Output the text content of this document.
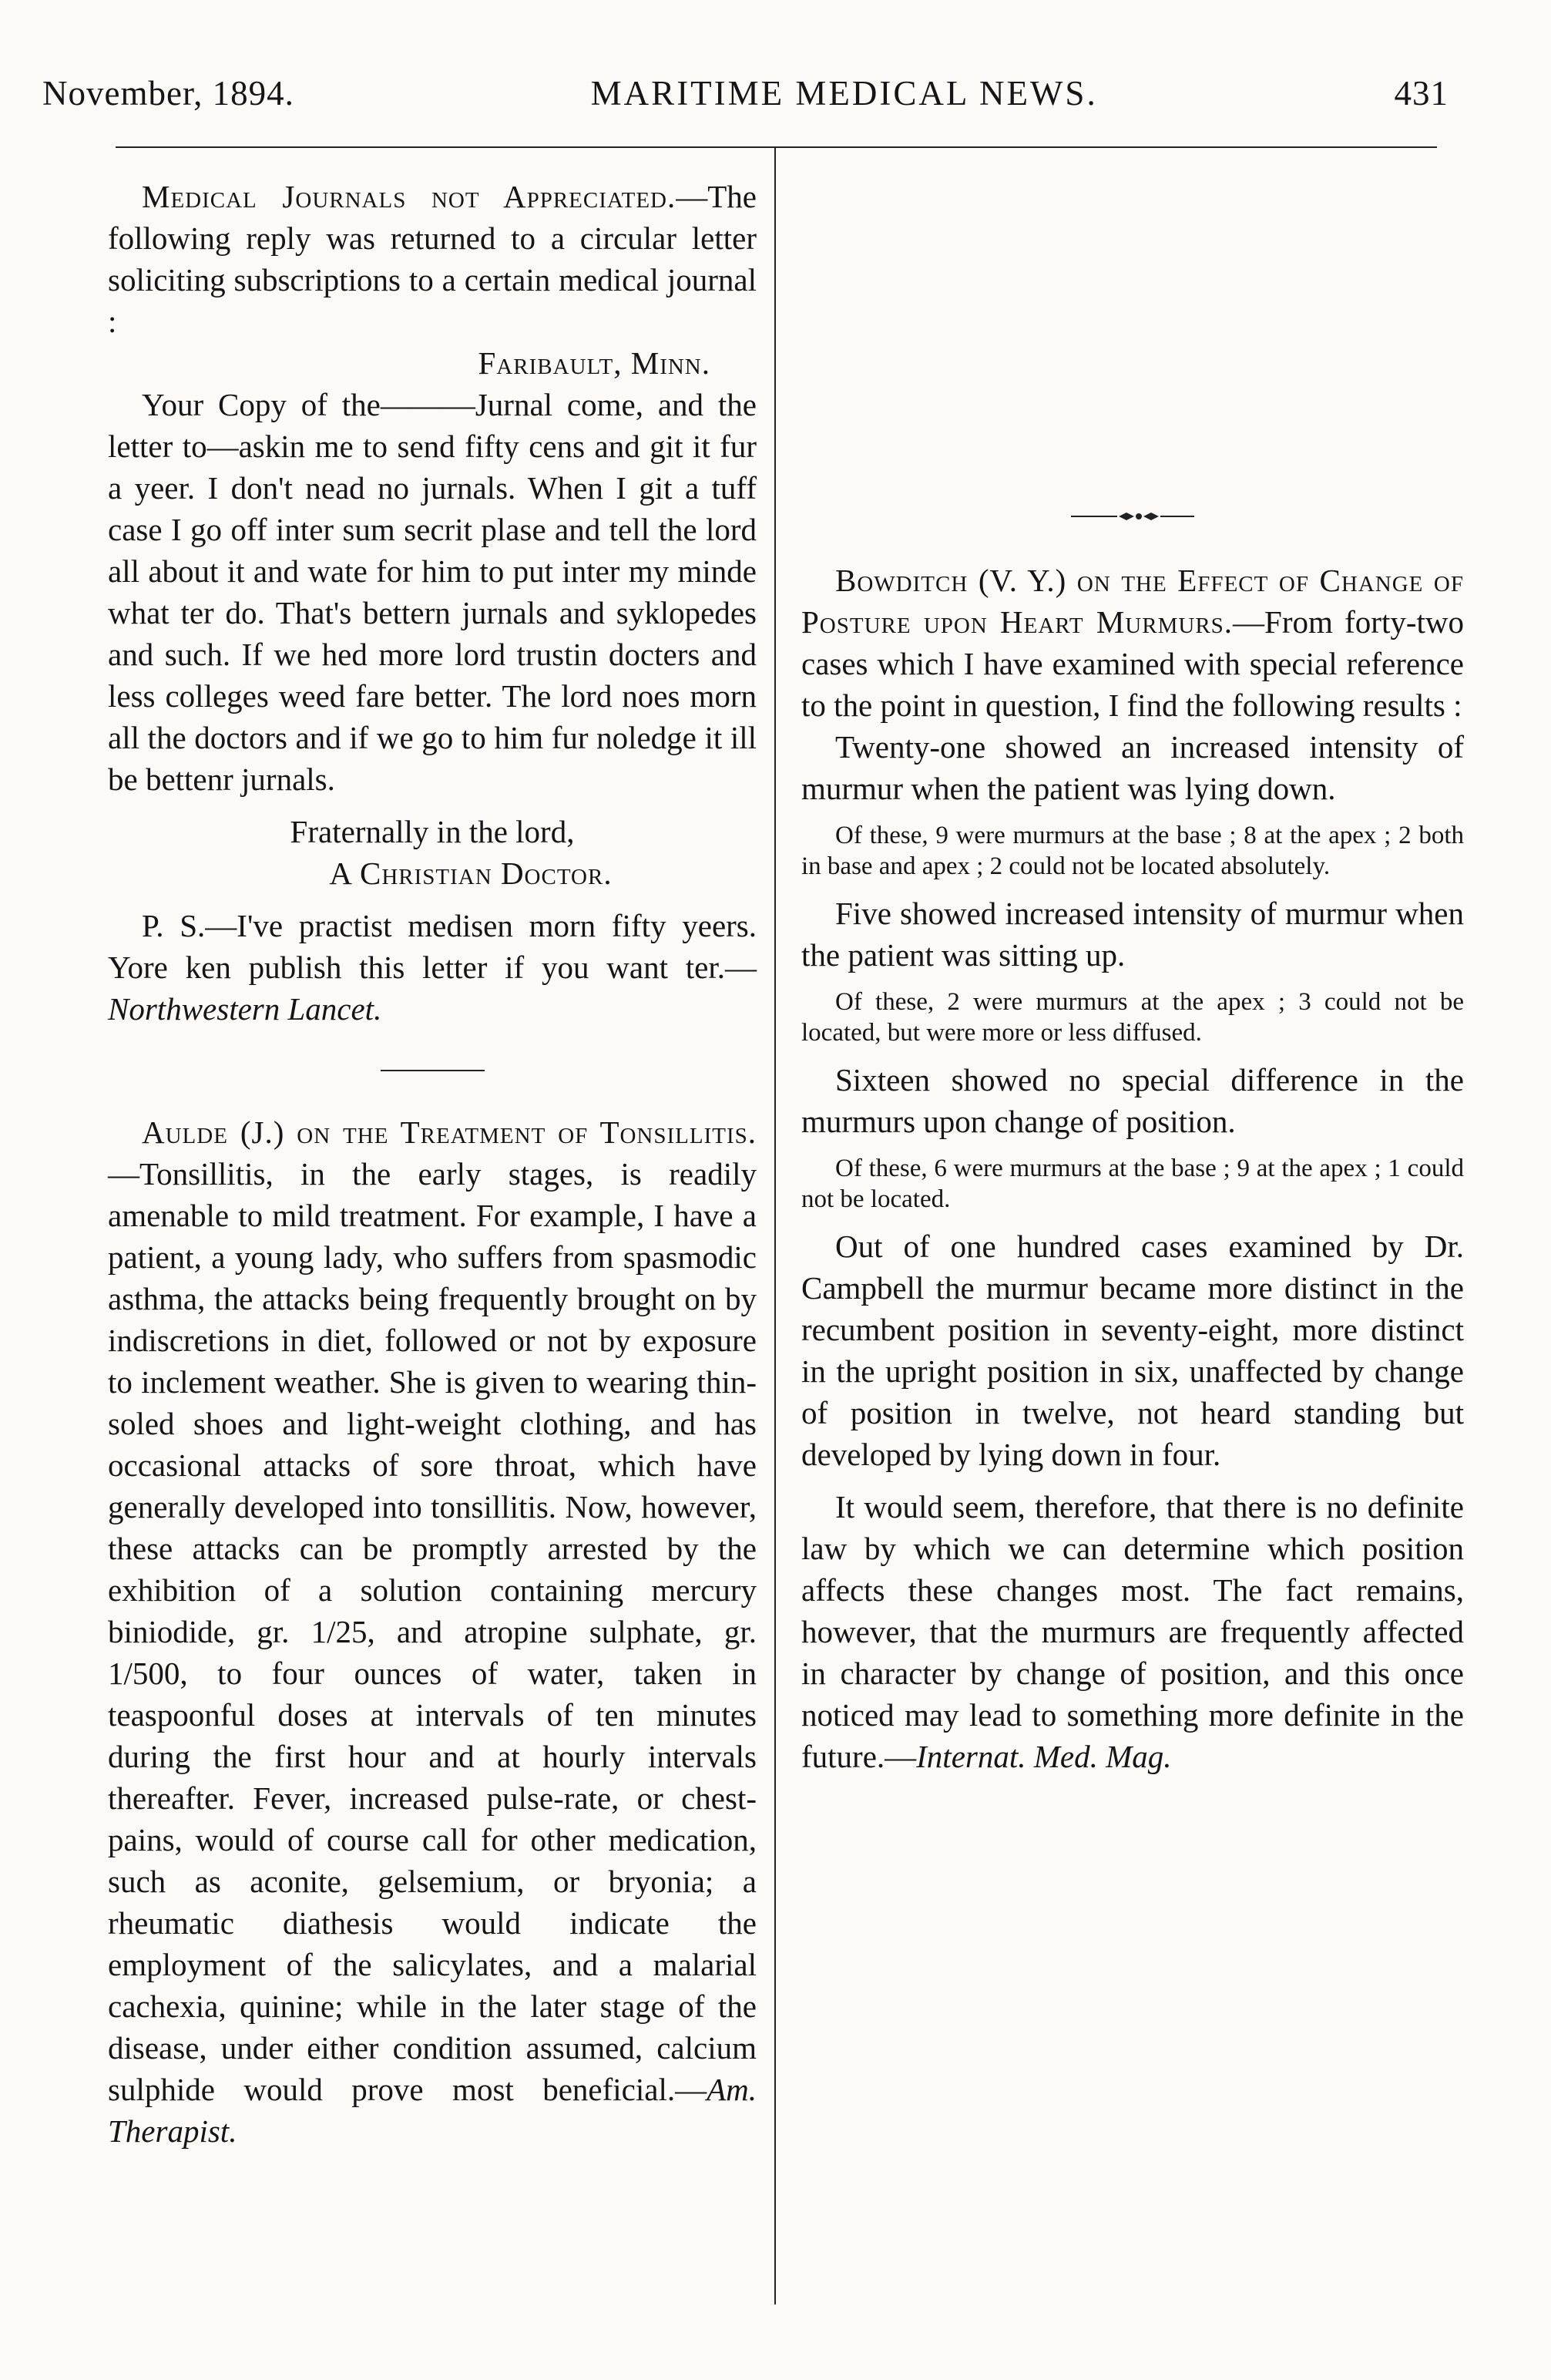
November, 1894.	MARITIME MEDICAL NEWS.	431

Medical Journals not Appreciated.—The following reply was returned to a circular letter soliciting subscriptions to a certain medical journal :

Faribault, Minn.

Your Copy of the———Jurnal come, and the letter to—askin me to send fifty cens and git it fur a yeer. I don't nead no jurnals. When I git a tuff case I go off inter sum secrit plase and tell the lord all about it and wate for him to put inter my minde what ter do. That's bettern jurnals and syklopedes and such. If we hed more lord trustin docters and less colleges weed fare better. The lord noes morn all the doctors and if we go to him fur noledge it ill be bettenr jurnals.

Fraternally in the lord,

A Christian Doctor.

P. S.—I've practist medisen morn fifty yeers. Yore ken publish this letter if you want ter.—Northwestern Lancet.

Aulde (J.) on the Treatment of Tonsillitis.—Tonsillitis, in the early stages, is readily amenable to mild treatment. For example, I have a patient, a young lady, who suffers from spasmodic asthma, the attacks being frequently brought on by indiscretions in diet, followed or not by exposure to inclement weather. She is given to wearing thin-soled shoes and light-weight clothing, and has occasional attacks of sore throat, which have generally developed into tonsillitis. Now, however, these attacks can be promptly arrested by the exhibition of a solution containing mercury biniodide, gr. 1/25, and atropine sulphate, gr. 1/500, to four ounces of water, taken in teaspoonful doses at intervals of ten minutes during the first hour and at hourly intervals thereafter. Fever, increased pulse-rate, or chest-pains, would of course call for other medication, such as aconite, gelsemium, or bryonia; a rheumatic diathesis would indicate the employment of the salicylates, and a malarial cachexia, quinine; while in the later stage of the disease, under either condition assumed, calcium sulphide would prove most beneficial.—Am. Therapist.

Bowditch (V. Y.) on the Effect of Change of Posture upon Heart Murmurs.—From forty-two cases which I have examined with special reference to the point in question, I find the following results :

Twenty-one showed an increased intensity of murmur when the patient was lying down.

Of these, 9 were murmurs at the base ; 8 at the apex ; 2 both in base and apex ; 2 could not be located absolutely.

Five showed increased intensity of murmur when the patient was sitting up.

Of these, 2 were murmurs at the apex ; 3 could not be located, but were more or less diffused.

Sixteen showed no special difference in the murmurs upon change of position.

Of these, 6 were murmurs at the base ; 9 at the apex ; 1 could not be located.

Out of one hundred cases examined by Dr. Campbell the murmur became more distinct in the recumbent position in seventy-eight, more distinct in the upright position in six, unaffected by change of position in twelve, not heard standing but developed by lying down in four.

It would seem, therefore, that there is no definite law by which we can determine which position affects these changes most. The fact remains, however, that the murmurs are frequently affected in character by change of position, and this once noticed may lead to something more definite in the future.—Internat. Med. Mag.
